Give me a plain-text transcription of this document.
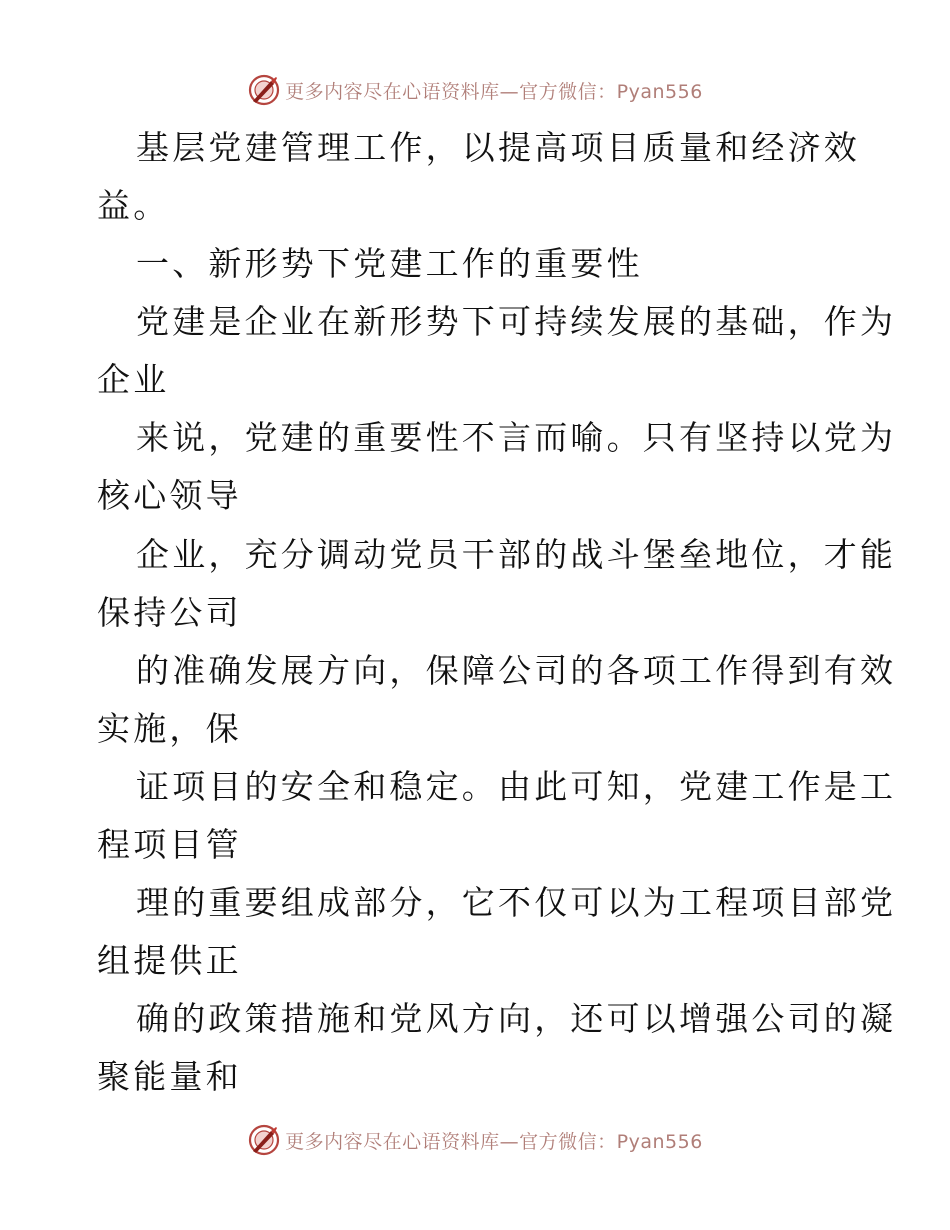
更多内容尽在心语资料库—官方微信：Pyan556
基层党建管理工作，以提高项目质量和经济效
益。
一、新形势下党建工作的重要性
党建是企业在新形势下可持续发展的基础，作为
企业
来说，党建的重要性不言而喻。只有坚持以党为
核心领导
企业，充分调动党员干部的战斗堡垒地位，才能
保持公司
的准确发展方向，保障公司的各项工作得到有效
实施，保
证项目的安全和稳定。由此可知，党建工作是工
程项目管
理的重要组成部分，它不仅可以为工程项目部党
组提供正
确的政策措施和党风方向，还可以增强公司的凝
聚能量和
更多内容尽在心语资料库—官方微信：Pyan556
